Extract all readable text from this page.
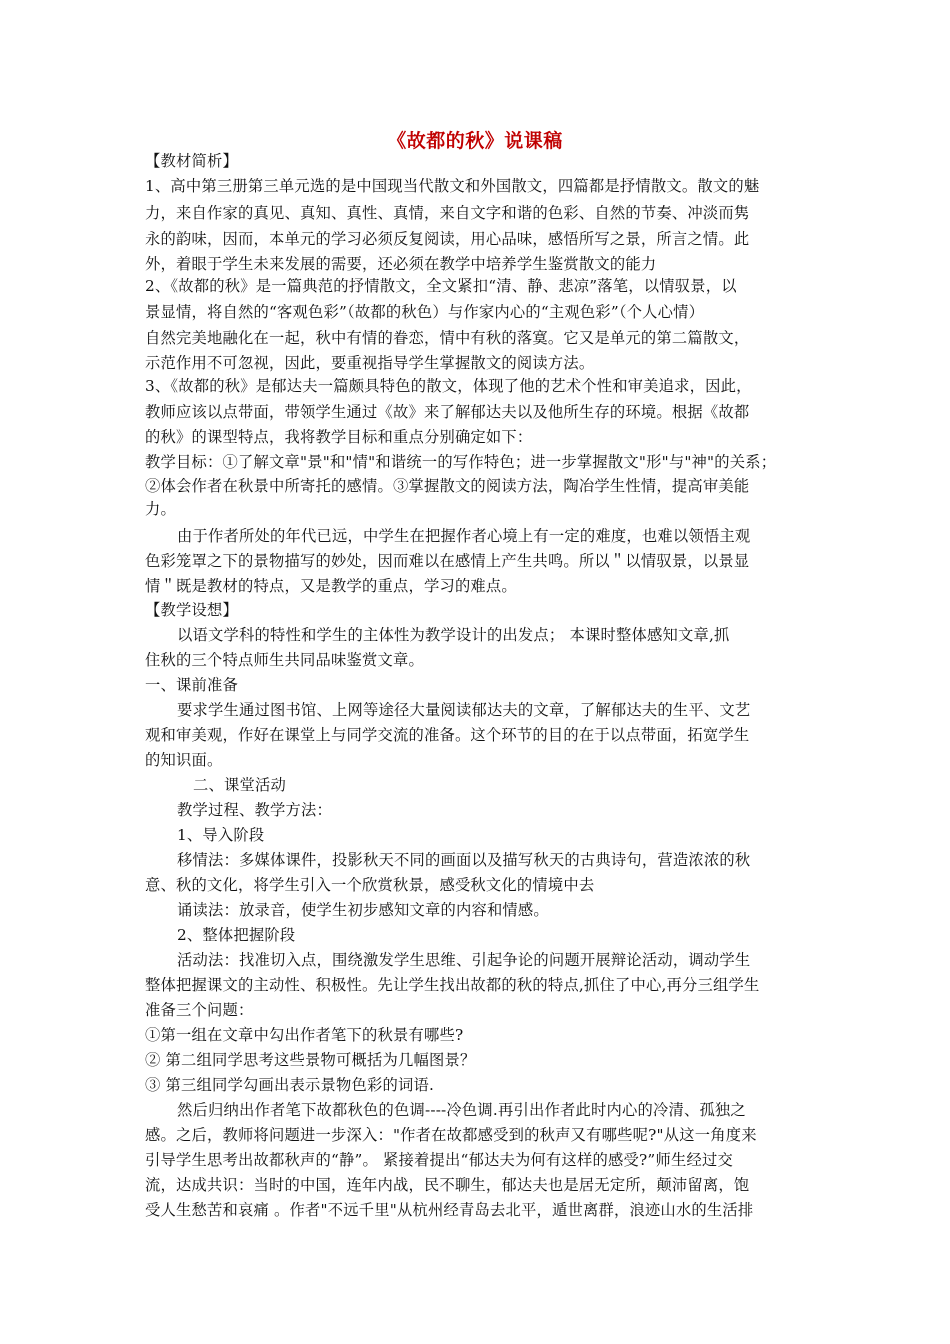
《故都的秋》说课稿
【教材简析】
1、高中第三册第三单元选的是中国现当代散文和外国散文，四篇都是抒情散文。散文的魅
力，来自作家的真见、真知、真性、真情，来自文字和谐的色彩、自然的节奏、冲淡而隽
永的韵味，因而，本单元的学习必须反复阅读，用心品味，感悟所写之景，所言之情。此
外，着眼于学生未来发展的需要，还必须在教学中培养学生鉴赏散文的能力
2、《故都的秋》是一篇典范的抒情散文，全文紧扣“清、静、悲凉”落笔，以情驭景，以
景显情，将自然的“客观色彩”（故都的秋色）与作家内心的“主观色彩”（个人心情）
自然完美地融化在一起，秋中有情的眷恋，情中有秋的落寞。它又是单元的第二篇散文，
示范作用不可忽视，因此，要重视指导学生掌握散文的阅读方法。
3、《故都的秋》是郁达夫一篇颇具特色的散文，体现了他的艺术个性和审美追求，因此，
教师应该以点带面，带领学生通过《故》来了解郁达夫以及他所生存的环境。根据《故都
的秋》的课型特点，我将教学目标和重点分别确定如下：
教学目标：①了解文章"景"和"情"和谐统一的写作特色；进一步掌握散文"形"与"神"的关系；
②体会作者在秋景中所寄托的感情。③掌握散文的阅读方法，陶冶学生性情，提高审美能
力。
由于作者所处的年代已远，中学生在把握作者心境上有一定的难度，也难以领悟主观
色彩笼罩之下的景物描写的妙处，因而难以在感情上产生共鸣。所以＂以情驭景，以景显
情＂既是教材的特点，又是教学的重点，学习的难点。
【教学设想】
以语文学科的特性和学生的主体性为教学设计的出发点； 本课时整体感知文章,抓
住秋的三个特点师生共同品味鉴赏文章。
一、课前准备
要求学生通过图书馆、上网等途径大量阅读郁达夫的文章，了解郁达夫的生平、文艺
观和审美观，作好在课堂上与同学交流的准备。这个环节的目的在于以点带面，拓宽学生
的知识面。
二、课堂活动
教学过程、教学方法：
1、导入阶段
移情法：多媒体课件，投影秋天不同的画面以及描写秋天的古典诗句，营造浓浓的秋
意、秋的文化，将学生引入一个欣赏秋景，感受秋文化的情境中去
诵读法：放录音，使学生初步感知文章的内容和情感。
2、整体把握阶段
活动法：找准切入点，围绕激发学生思维、引起争论的问题开展辩论活动，调动学生
整体把握课文的主动性、积极性。先让学生找出故都的秋的特点,抓住了中心,再分三组学生
准备三个问题：
①第一组在文章中勾出作者笔下的秋景有哪些?
② 第二组同学思考这些景物可概括为几幅图景？
③ 第三组同学勾画出表示景物色彩的词语.
然后归纳出作者笔下故都秋色的色调----冷色调.再引出作者此时内心的冷清、孤独之
感。之后，教师将问题进一步深入："作者在故都感受到的秋声又有哪些呢?"从这一角度来
引导学生思考出故都秋声的“静”。 紧接着提出“郁达夫为何有这样的感受?”师生经过交
流，达成共识：当时的中国，连年内战，民不聊生，郁达夫也是居无定所，颠沛留离，饱
受人生愁苦和哀痛 。作者"不远千里"从杭州经青岛去北平，遁世离群，浪迹山水的生活排
